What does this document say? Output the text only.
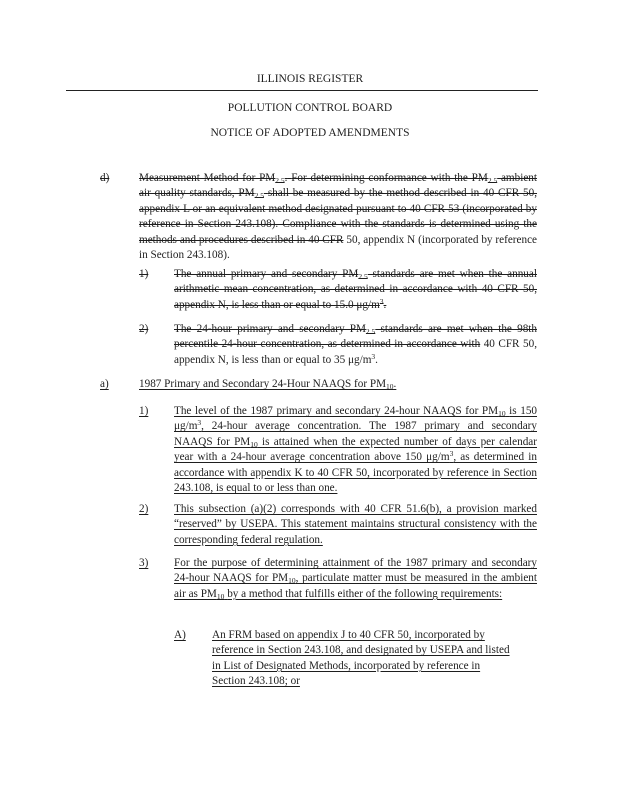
ILLINOIS REGISTER
POLLUTION CONTROL BOARD
NOTICE OF ADOPTED AMENDMENTS
d)	Measurement Method for $PM_{2.5}$. For determining conformance with the $PM_{2.5}$ ambient air quality standards, $PM_{2.5}$ shall be measured by the method described in 40 CFR 50, appendix L or an equivalent method designated pursuant to 40 CFR 53 (incorporated by reference in Section 243.108). Compliance with the standards is determined using the methods and procedures described in 40 CFR 50, appendix N (incorporated by reference in Section 243.108).
1) The annual primary and secondary $PM_{2.5}$ standards are met when the annual arithmetic mean concentration, as determined in accordance with 40 CFR 50, appendix N, is less than or equal to 15.0 $\mu g/m^3$.
2) The 24-hour primary and secondary $PM_{2.5}$ standards are met when the 98th percentile 24-hour concentration, as determined in accordance with 40 CFR 50, appendix N, is less than or equal to 35 $\mu g/m^3$.
a)	1987 Primary and Secondary 24-Hour NAAQS for $PM_{10}$.
1) The level of the 1987 primary and secondary 24-hour NAAQS for $PM_{10}$ is 150 $\mu g/m^3$, 24-hour average concentration. The 1987 primary and secondary NAAQS for $PM_{10}$ is attained when the expected number of days per calendar year with a 24-hour average concentration above 150 $\mu g/m^3$, as determined in accordance with appendix K to 40 CFR 50, incorporated by reference in Section 243.108, is equal to or less than one.
2) This subsection (a)(2) corresponds with 40 CFR 51.6(b), a provision marked “reserved” by USEPA. This statement maintains structural consistency with the corresponding federal regulation.
3) For the purpose of determining attainment of the 1987 primary and secondary 24-hour NAAQS for $PM_{10}$, particulate matter must be measured in the ambient air as $PM_{10}$ by a method that fulfills either of the following requirements:
A) An FRM based on appendix J to 40 CFR 50, incorporated by reference in Section 243.108, and designated by USEPA and listed in List of Designated Methods, incorporated by reference in Section 243.108; or
